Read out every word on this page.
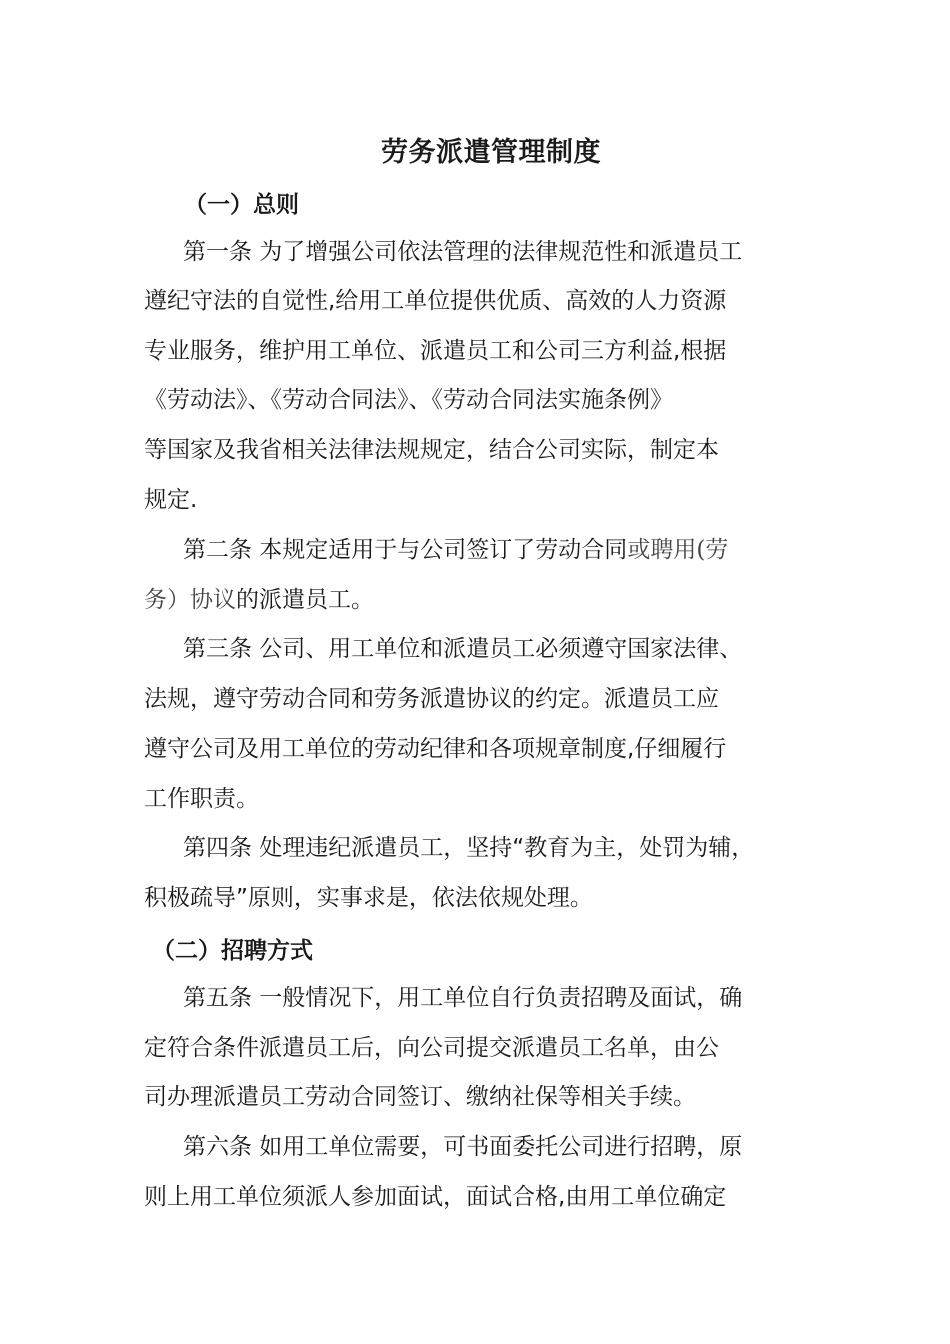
劳务派遣管理制度
（一）总则
第一条 为了增强公司依法管理的法律规范性和派遣员工
遵纪守法的自觉性,给用工单位提供优质、高效的人力资源
专业服务，维护用工单位、派遣员工和公司三方利益,根据
《劳动法》、《劳动合同法》、《劳动合同法实施条例》
等国家及我省相关法律法规规定，结合公司实际，制定本
规定.
第二条 本规定适用于与公司签订了劳动合同或聘用(劳
务）协议的派遣员工。
第三条 公司、用工单位和派遣员工必须遵守国家法律、
法规，遵守劳动合同和劳务派遣协议的约定。派遣员工应
遵守公司及用工单位的劳动纪律和各项规章制度,仔细履行
工作职责。
第四条 处理违纪派遣员工，坚持“教育为主，处罚为辅，
积极疏导”原则，实事求是，依法依规处理。
（二）招聘方式
第五条 一般情况下，用工单位自行负责招聘及面试，确
定符合条件派遣员工后，向公司提交派遣员工名单，由公
司办理派遣员工劳动合同签订、缴纳社保等相关手续。
第六条 如用工单位需要，可书面委托公司进行招聘，原
则上用工单位须派人参加面试，面试合格,由用工单位确定
